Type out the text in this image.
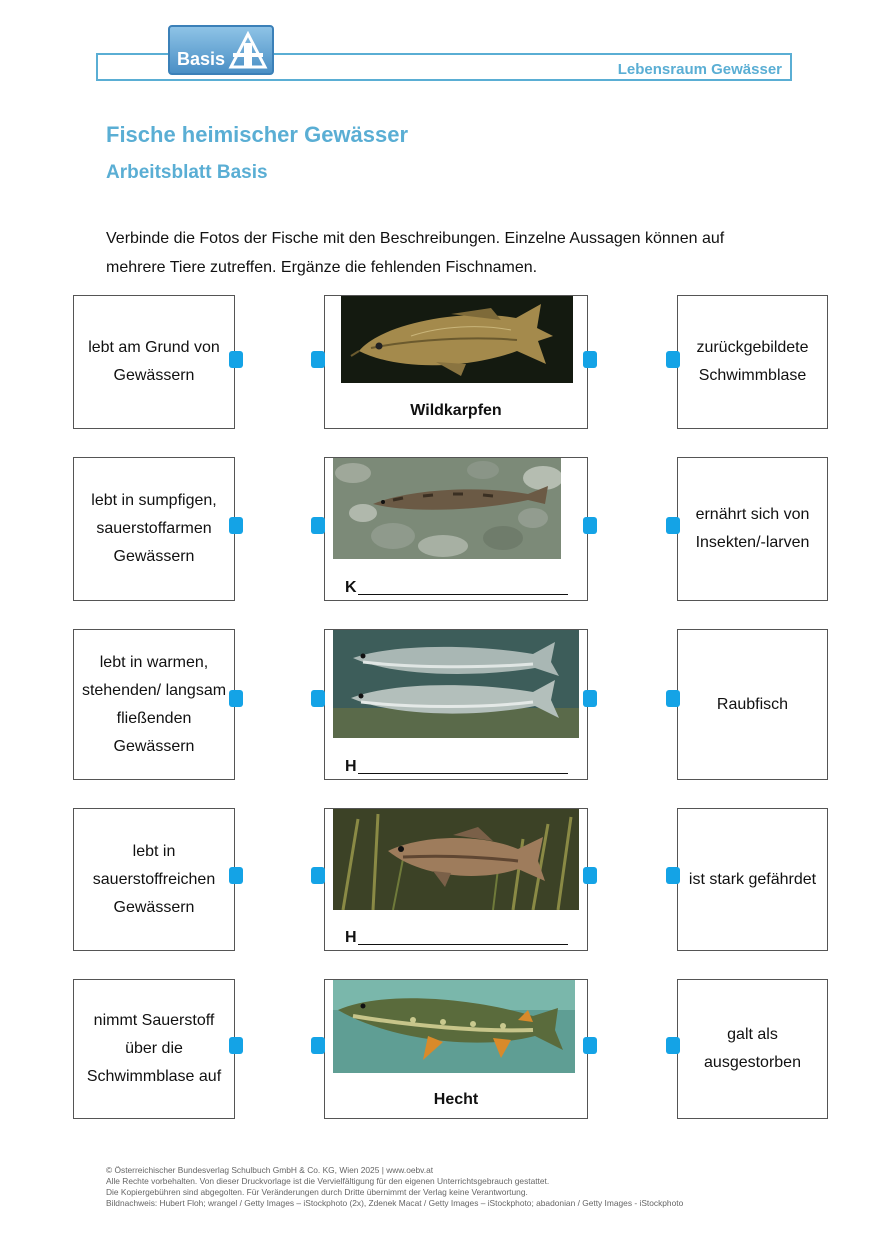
Lebensraum Gewässer
Basis
Fische heimischer Gewässer
Arbeitsblatt Basis
Verbinde die Fotos der Fische mit den Beschreibungen. Einzelne Aussagen können auf mehrere Tiere zutreffen. Ergänze die fehlenden Fischnamen.
lebt am Grund von Gewässern
Wildkarpfen
zurückgebildete Schwimmblase
lebt in sumpfigen, sauerstoffarmen Gewässern
K
ernährt sich von Insekten/-larven
lebt in warmen, stehenden/ langsam fließenden Gewässern
H
Raubfisch
lebt in sauerstoffreichen Gewässern
H
ist stark gefährdet
nimmt Sauerstoff über die Schwimmblase auf
Hecht
galt als ausgestorben
© Österreichischer Bundesverlag Schulbuch GmbH & Co. KG, Wien 2025 | www.oebv.at
Alle Rechte vorbehalten. Von dieser Druckvorlage ist die Vervielfältigung für den eigenen Unterrichtsgebrauch gestattet.
Die Kopiergebühren sind abgegolten. Für Veränderungen durch Dritte übernimmt der Verlag keine Verantwortung.
Bildnachweis: Hubert Floh; wrangel / Getty Images – iStockphoto (2x), Zdenek Macat / Getty Images – iStockphoto; abadonian / Getty Images - iStockphoto
